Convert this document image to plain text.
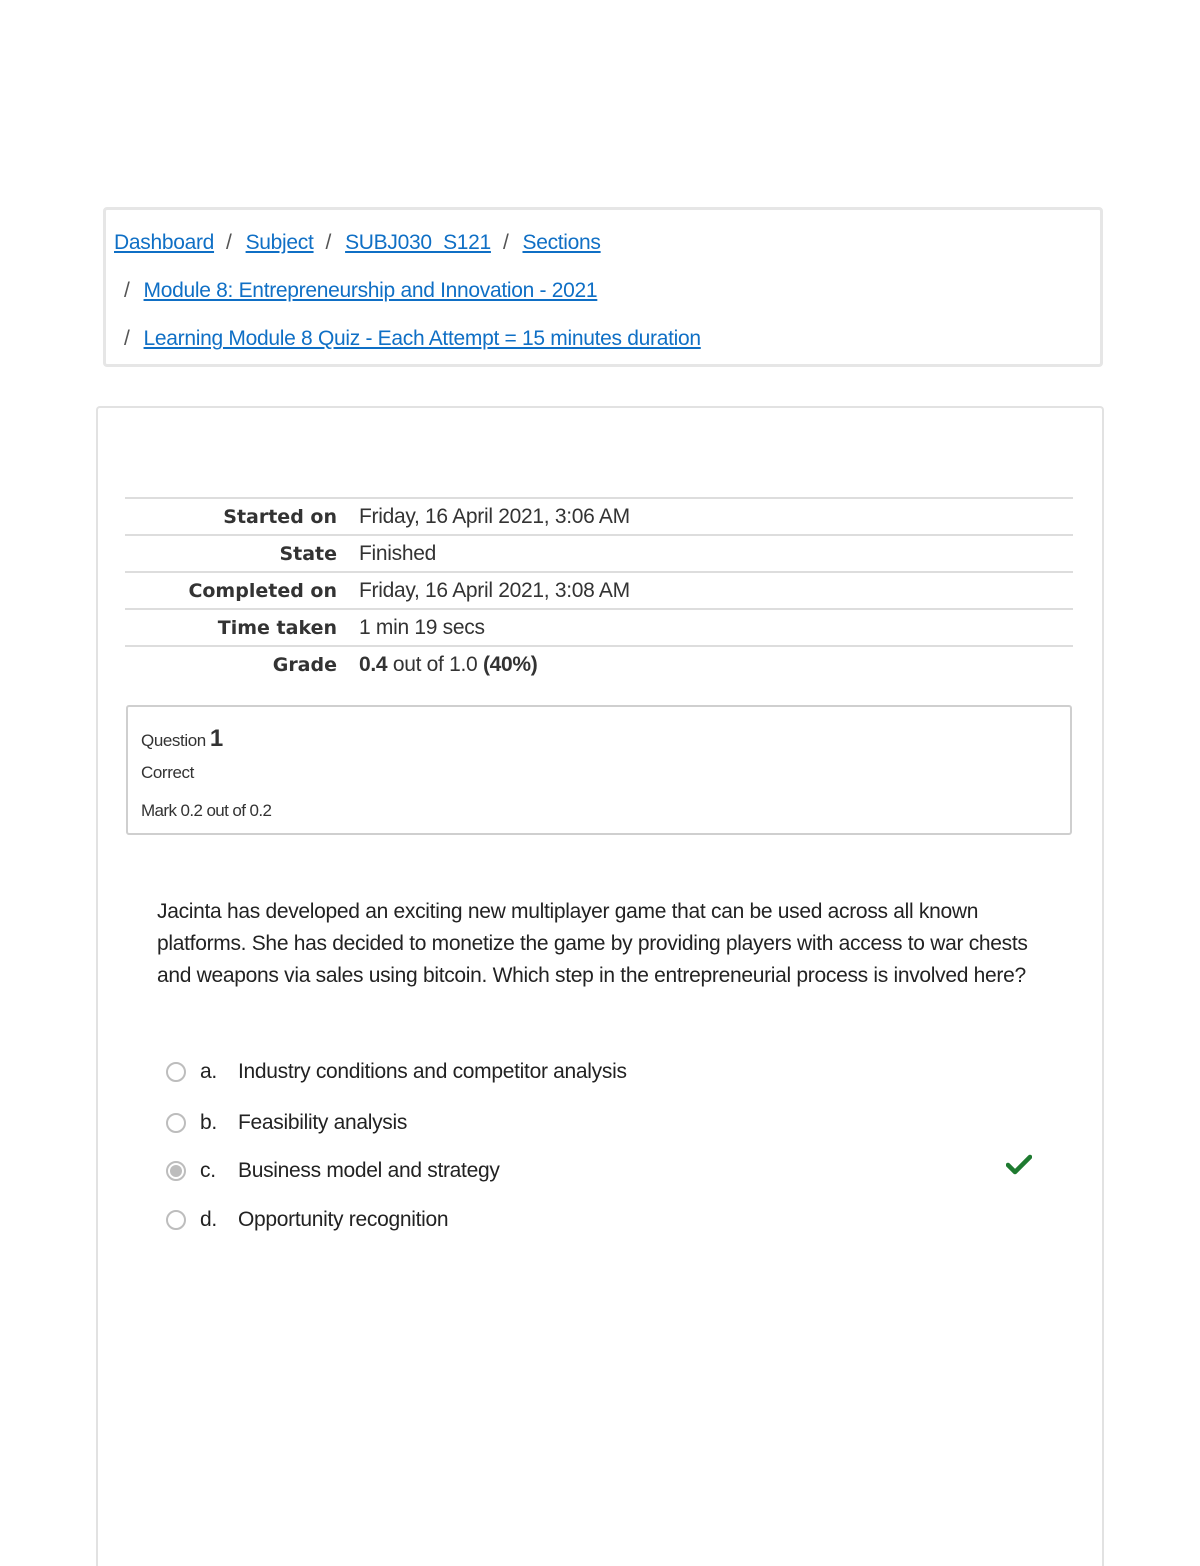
Dashboard / Subject / SUBJ030_S121 / Sections
/ Module 8: Entrepreneurship and Innovation - 2021
/ Learning Module 8 Quiz - Each Attempt = 15 minutes duration
Started on	Friday, 16 April 2021, 3:06 AM
State	Finished
Completed on	Friday, 16 April 2021, 3:08 AM
Time taken	1 min 19 secs
Grade	0.4 out of 1.0 (40%)
Question 1
Correct
Mark 0.2 out of 0.2
Jacinta has developed an exciting new multiplayer game that can be used across all known platforms. She has decided to monetize the game by providing players with access to war chests and weapons via sales using bitcoin. Which step in the entrepreneurial process is involved here?
a.	Industry conditions and competitor analysis
b.	Feasibility analysis
c.	Business model and strategy
d.	Opportunity recognition
